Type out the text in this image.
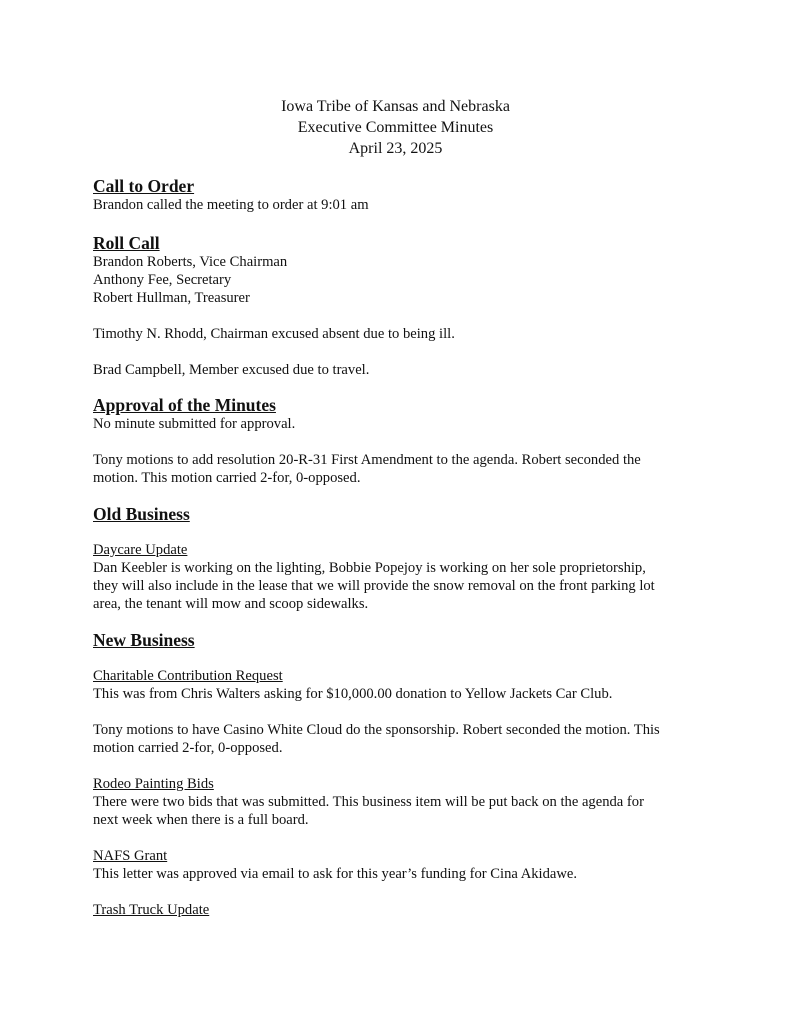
Iowa Tribe of Kansas and Nebraska
Executive Committee Minutes
April 23, 2025
Call to Order
Brandon called the meeting to order at 9:01 am
Roll Call
Brandon Roberts, Vice Chairman
Anthony Fee, Secretary
Robert Hullman, Treasurer
Timothy N. Rhodd, Chairman excused absent due to being ill.
Brad Campbell, Member excused due to travel.
Approval of the Minutes
No minute submitted for approval.
Tony motions to add resolution 20-R-31 First Amendment to the agenda. Robert seconded the
motion. This motion carried 2-for, 0-opposed.
Old Business
Daycare Update
Dan Keebler is working on the lighting, Bobbie Popejoy is working on her sole proprietorship,
they will also include in the lease that we will provide the snow removal on the front parking lot
area, the tenant will mow and scoop sidewalks.
New Business
Charitable Contribution Request
This was from Chris Walters asking for $10,000.00 donation to Yellow Jackets Car Club.
Tony motions to have Casino White Cloud do the sponsorship. Robert seconded the motion. This
motion carried 2-for, 0-opposed.
Rodeo Painting Bids
There were two bids that was submitted. This business item will be put back on the agenda for
next week when there is a full board.
NAFS Grant
This letter was approved via email to ask for this year’s funding for Cina Akidawe.
Trash Truck Update
